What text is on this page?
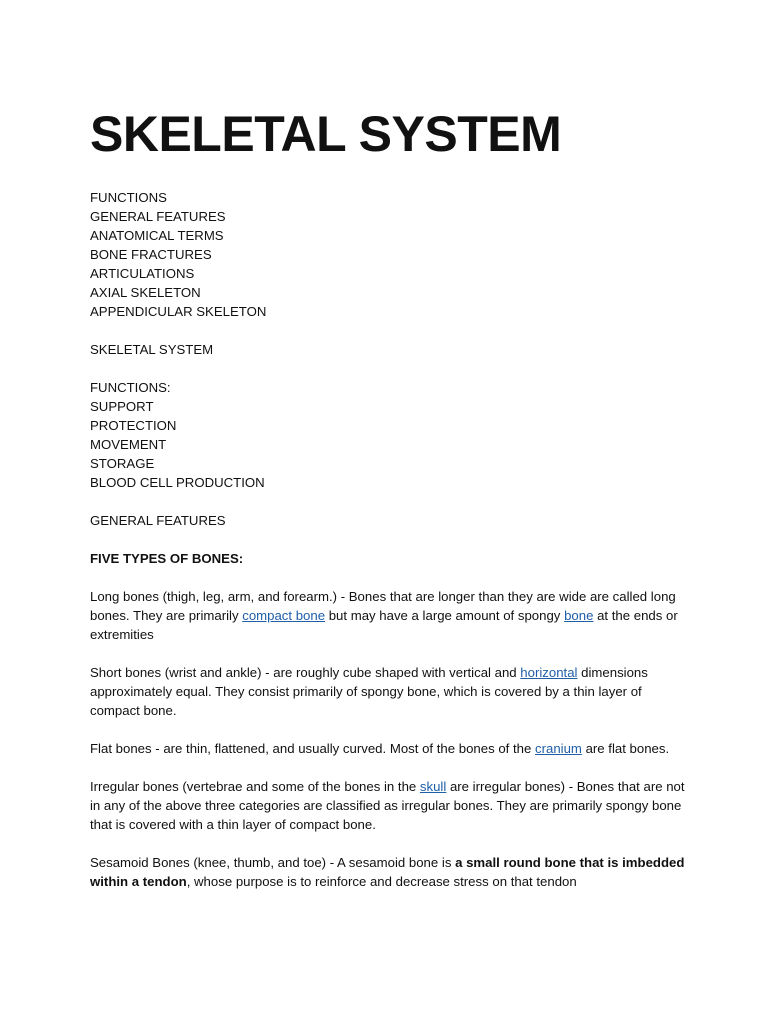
SKELETAL SYSTEM
FUNCTIONS
GENERAL FEATURES
ANATOMICAL TERMS
BONE FRACTURES
ARTICULATIONS
AXIAL SKELETON
APPENDICULAR SKELETON
SKELETAL SYSTEM
FUNCTIONS:
SUPPORT
PROTECTION
MOVEMENT
STORAGE
BLOOD CELL PRODUCTION
GENERAL FEATURES
FIVE TYPES OF BONES:

Long bones (thigh, leg, arm, and forearm.) - Bones that are longer than they are wide are called long bones. They are primarily compact bone but may have a large amount of spongy bone at the ends or extremities

Short bones (wrist and ankle) - are roughly cube shaped with vertical and horizontal dimensions approximately equal. They consist primarily of spongy bone, which is covered by a thin layer of compact bone.

Flat bones - are thin, flattened, and usually curved. Most of the bones of the cranium are flat bones.

Irregular bones (vertebrae and some of the bones in the skull are irregular bones) - Bones that are not in any of the above three categories are classified as irregular bones. They are primarily spongy bone that is covered with a thin layer of compact bone.

Sesamoid Bones (knee, thumb, and toe) - A sesamoid bone is a small round bone that is imbedded within a tendon, whose purpose is to reinforce and decrease stress on that tendon
